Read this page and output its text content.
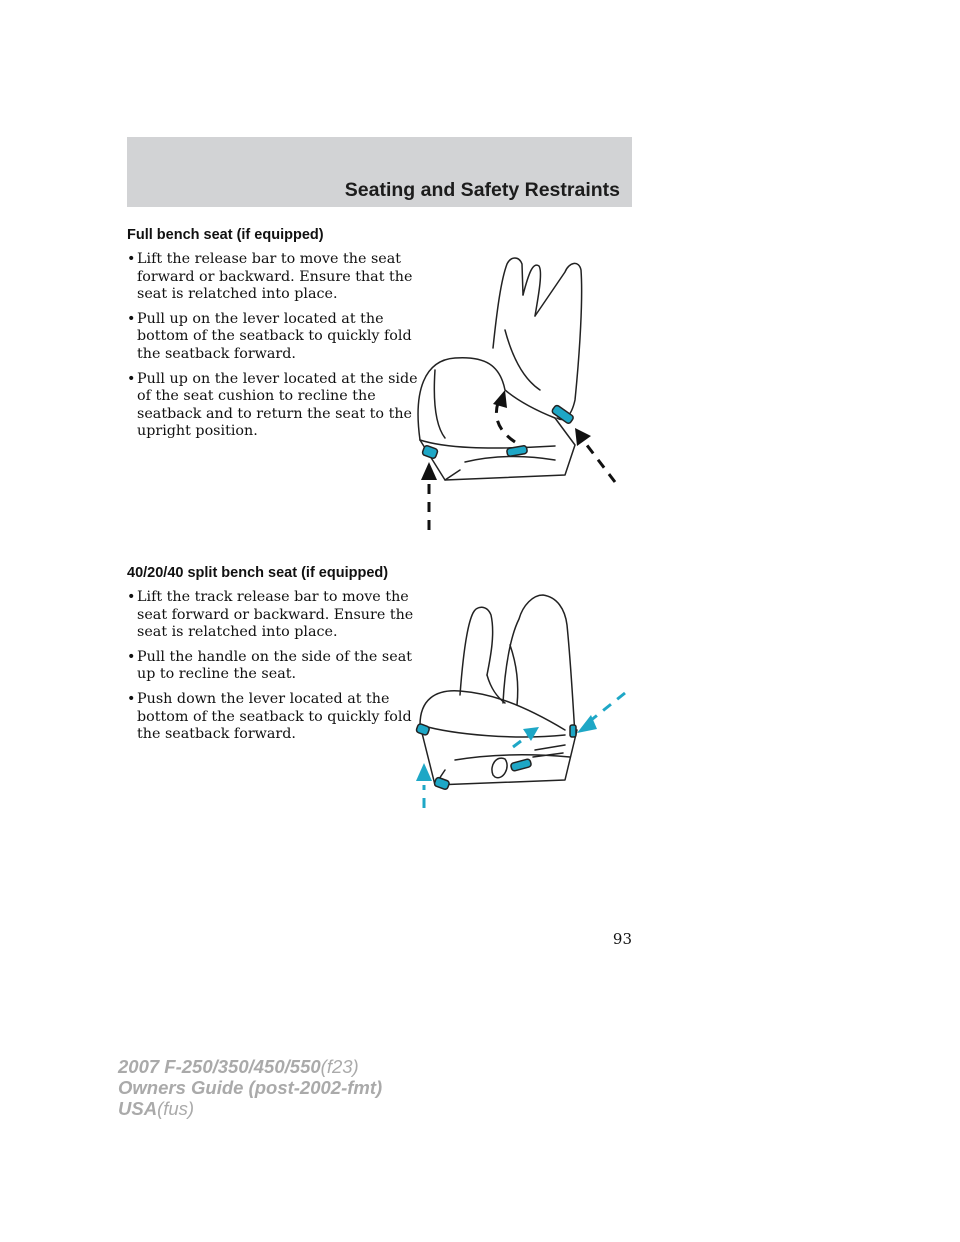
Seating and Safety Restraints
Full bench seat (if equipped)
• Lift the release bar to move the seat forward or backward. Ensure that the seat is relatched into place.
• Pull up on the lever located at the bottom of the seatback to quickly fold the seatback forward.
• Pull up on the lever located at the side of the seat cushion to recline the seatback and to return the seat to the upright position.
40/20/40 split bench seat (if equipped)
• Lift the track release bar to move the seat forward or backward. Ensure the seat is relatched into place.
• Pull the handle on the side of the seat up to recline the seat.
• Push down the lever located at the bottom of the seatback to quickly fold the seatback forward.
93
2007 F-250/350/450/550(f23)
Owners Guide (post-2002-fmt)
USA(fus)
